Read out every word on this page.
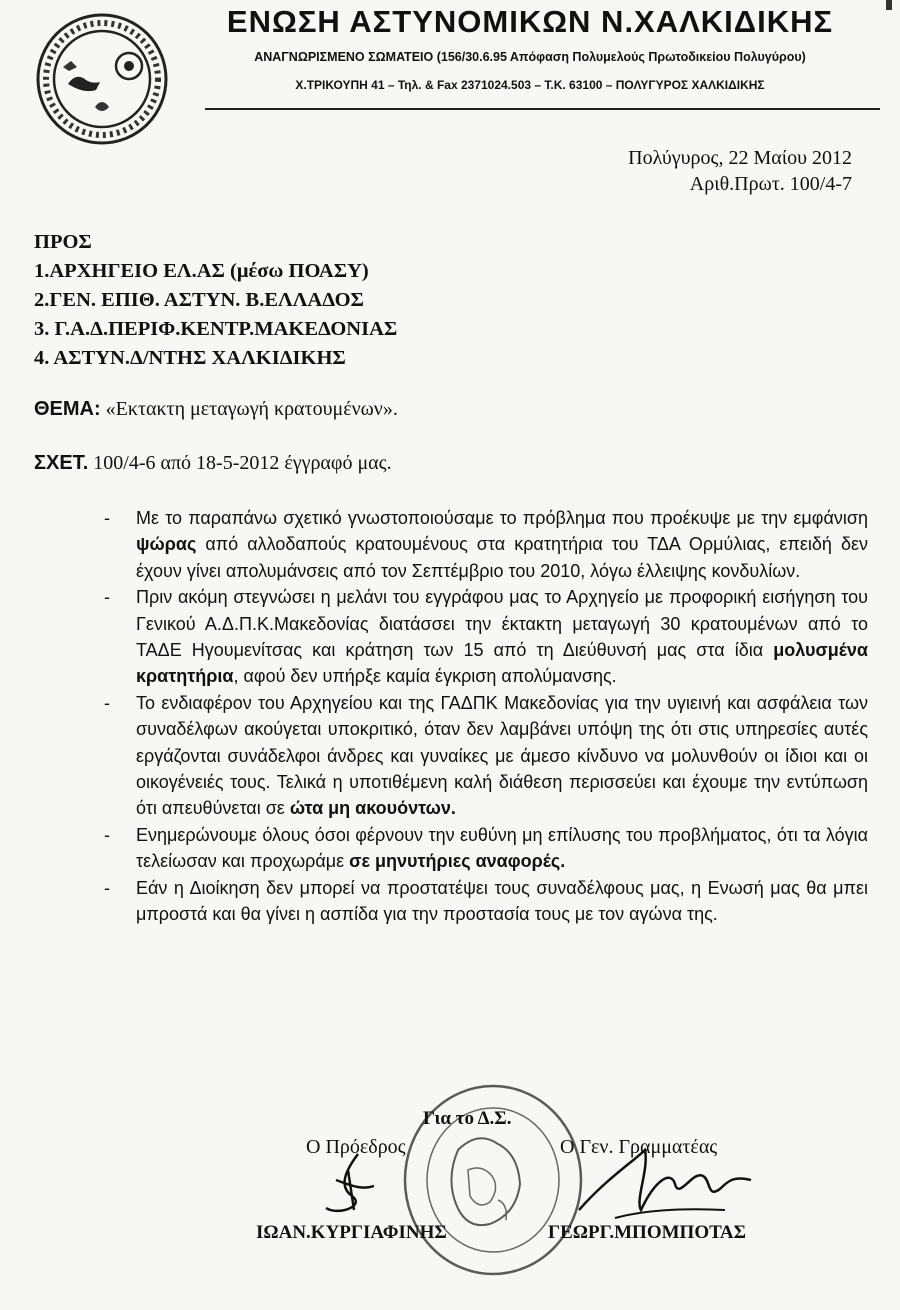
ΕΝΩΣΗ ΑΣΤΥΝΟΜΙΚΩΝ Ν.ΧΑΛΚΙΔΙΚΗΣ
ΑΝΑΓΝΩΡΙΣΜΕΝΟ ΣΩΜΑΤΕΙΟ (156/30.6.95 Απόφαση Πολυμελούς Πρωτοδικείου Πολυγύρου)
Χ.ΤΡΙΚΟΥΠΗ 41 – Τηλ. & Fax 2371024.503 – Τ.Κ. 63100 – ΠΟΛΥΓΥΡΟΣ ΧΑΛΚΙΔΙΚΗΣ
Πολύγυρος, 22 Μαίου 2012
Αριθ.Πρωτ. 100/4-7
ΠΡΟΣ
1.ΑΡΧΗΓΕΙΟ ΕΛ.ΑΣ (μέσω ΠΟΑΣΥ)
2.ΓΕΝ. ΕΠΙΘ. ΑΣΤΥΝ. Β.ΕΛΛΑΔΟΣ
3. Γ.Α.Δ.ΠΕΡΙΦ.ΚΕΝΤΡ.ΜΑΚΕΔΟΝΙΑΣ
4. ΑΣΤΥΝ.Δ/ΝΤΗΣ ΧΑΛΚΙΔΙΚΗΣ
ΘΕΜΑ: «Εκτακτη μεταγωγή κρατουμένων».
ΣΧΕΤ. 100/4-6 από 18-5-2012 έγγραφό μας.
- Με το παραπάνω σχετικό γνωστοποιούσαμε το πρόβλημα που προέκυψε με την εμφάνιση ψώρας από αλλοδαπούς κρατουμένους στα κρατητήρια του ΤΔΑ Ορμύλιας, επειδή δεν έχουν γίνει απολυμάνσεις από τον Σεπτέμβριο του 2010, λόγω έλλειψης κονδυλίων.
- Πριν ακόμη στεγνώσει η μελάνι του εγγράφου μας το Αρχηγείο με προφορική εισήγηση του Γενικού Α.Δ.Π.Κ.Μακεδονίας διατάσσει την έκτακτη μεταγωγή 30 κρατουμένων από το ΤΑΔΕ Ηγουμενίτσας και κράτηση των 15 από τη Διεύθυνσή μας στα ίδια μολυσμένα κρατητήρια, αφού δεν υπήρξε καμία έγκριση απολύμανσης.
- Το ενδιαφέρον του Αρχηγείου και της ΓΑΔΠΚ Μακεδονίας για την υγιεινή και ασφάλεια των συναδέλφων ακούγεται υποκριτικό, όταν δεν λαμβάνει υπόψη της ότι στις υπηρεσίες αυτές εργάζονται συνάδελφοι άνδρες και γυναίκες με άμεσο κίνδυνο να μολυνθούν οι ίδιοι και οι οικογένειές τους. Τελικά η υποτιθέμενη καλή διάθεση περισσεύει και έχουμε την εντύπωση ότι απευθύνεται σε ώτα μη ακουόντων.
- Ενημερώνουμε όλους όσοι φέρνουν την ευθύνη μη επίλυσης του προβλήματος, ότι τα λόγια τελείωσαν και προχωράμε σε μηνυτήριες αναφορές.
- Εάν η Διοίκηση δεν μπορεί να προστατέψει τους συναδέλφους μας, η Ενωσή μας θα μπει μπροστά και θα γίνει η ασπίδα για την προστασία τους με τον αγώνα της.
Για το Δ.Σ.
Ο Πρόεδρος	Ο Γεν. Γραμματέας
ΙΩΑΝ.ΚΥΡΓΙΑΦΙΝΗΣ	ΓΕΩΡΓ.ΜΠΟΜΠΟΤΑΣ
